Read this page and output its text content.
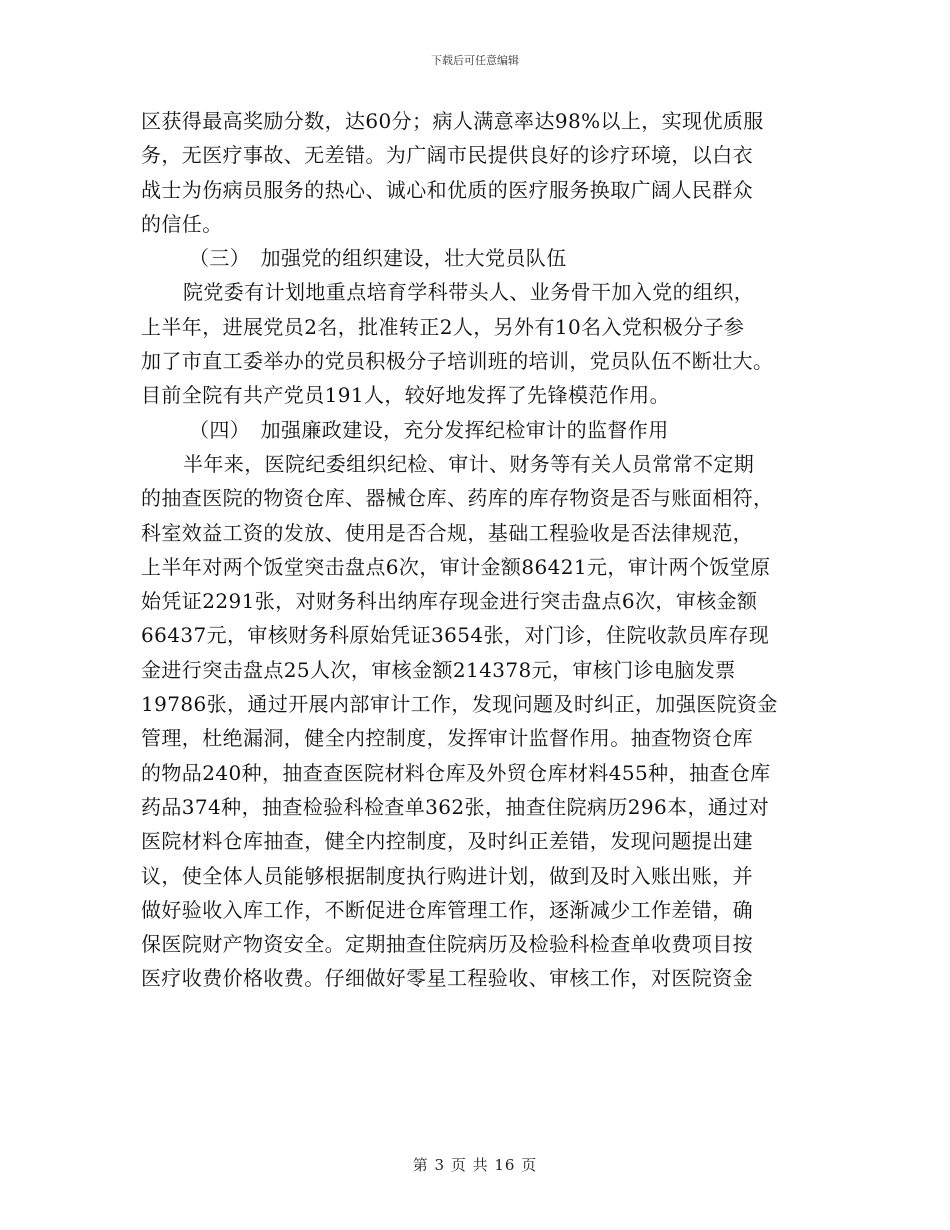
下载后可任意编辑
区获得最高奖励分数，达60分；病人满意率达98%以上，实现优质服
务，无医疗事故、无差错。为广阔市民提供良好的诊疗环境，以白衣
战士为伤病员服务的热心、诚心和优质的医疗服务换取广阔人民群众
的信任。
（三）　加强党的组织建设，壮大党员队伍
院党委有计划地重点培育学科带头人、业务骨干加入党的组织，
上半年，进展党员2名，批准转正2人，另外有10名入党积极分子参
加了市直工委举办的党员积极分子培训班的培训，党员队伍不断壮大。
目前全院有共产党员191人，较好地发挥了先锋模范作用。
（四）　加强廉政建设，充分发挥纪检审计的监督作用
半年来，医院纪委组织纪检、审计、财务等有关人员常常不定期
的抽查医院的物资仓库、器械仓库、药库的库存物资是否与账面相符，
科室效益工资的发放、使用是否合规，基础工程验收是否法律规范，
上半年对两个饭堂突击盘点6次，审计金额86421元，审计两个饭堂原
始凭证2291张，对财务科出纳库存现金进行突击盘点6次，审核金额
66437元，审核财务科原始凭证3654张，对门诊，住院收款员库存现
金进行突击盘点25人次，审核金额214378元，审核门诊电脑发票
19786张，通过开展内部审计工作，发现问题及时纠正，加强医院资金
管理，杜绝漏洞，健全内控制度，发挥审计监督作用。抽查物资仓库
的物品240种，抽查查医院材料仓库及外贸仓库材料455种，抽查仓库
药品374种，抽查检验科检查单362张，抽查住院病历296本，通过对
医院材料仓库抽查，健全内控制度，及时纠正差错，发现问题提出建
议，使全体人员能够根据制度执行购进计划，做到及时入账出账，并
做好验收入库工作，不断促进仓库管理工作，逐渐减少工作差错，确
保医院财产物资安全。定期抽查住院病历及检验科检查单收费项目按
医疗收费价格收费。仔细做好零星工程验收、审核工作，对医院资金
第 3 页 共 16 页
